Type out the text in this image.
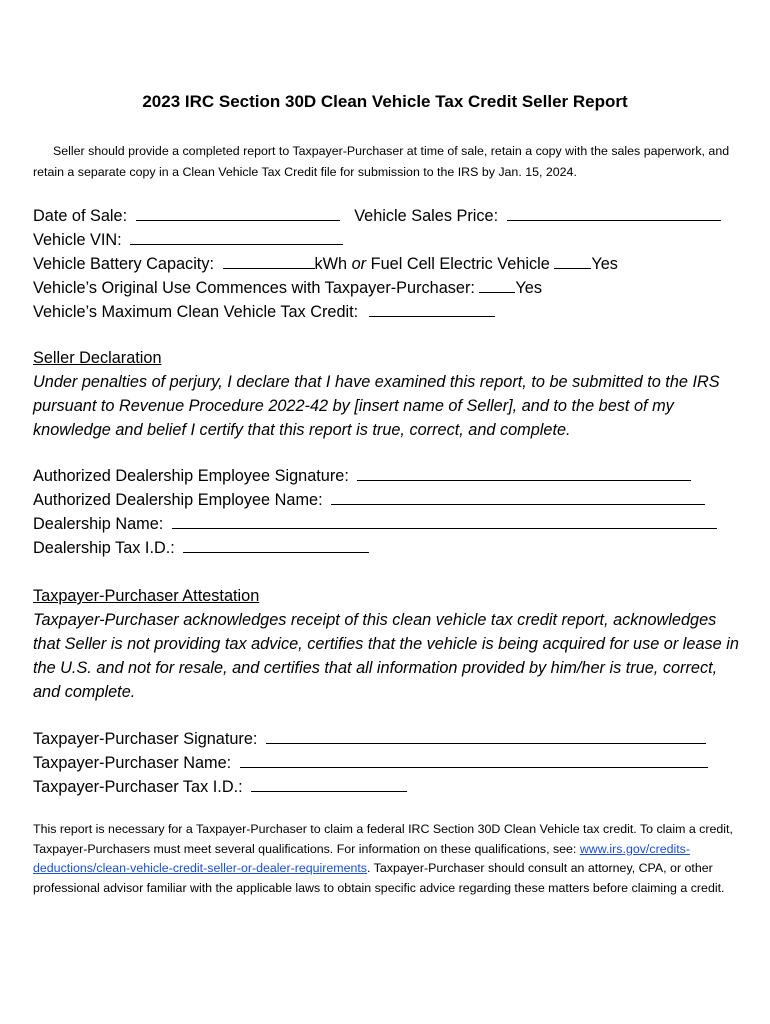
2023 IRC Section 30D Clean Vehicle Tax Credit Seller Report
Seller should provide a completed report to Taxpayer-Purchaser at time of sale, retain a copy with the sales paperwork, and retain a separate copy in a Clean Vehicle Tax Credit file for submission to the IRS by Jan. 15, 2024.
Date of Sale:	Vehicle Sales Price:
Vehicle VIN:
Vehicle Battery Capacity:	kWh or Fuel Cell Electric Vehicle	Yes
Vehicle’s Original Use Commences with Taxpayer-Purchaser: Yes
Vehicle’s Maximum Clean Vehicle Tax Credit:
Seller Declaration
Under penalties of perjury, I declare that I have examined this report, to be submitted to the IRS pursuant to Revenue Procedure 2022-42 by [insert name of Seller], and to the best of my knowledge and belief I certify that this report is true, correct, and complete.
Authorized Dealership Employee Signature:
Authorized Dealership Employee Name:
Dealership Name:
Dealership Tax I.D.:
Taxpayer-Purchaser Attestation
Taxpayer-Purchaser acknowledges receipt of this clean vehicle tax credit report, acknowledges that Seller is not providing tax advice, certifies that the vehicle is being acquired for use or lease in the U.S. and not for resale, and certifies that all information provided by him/her is true, correct, and complete.
Taxpayer-Purchaser Signature:
Taxpayer-Purchaser Name:
Taxpayer-Purchaser Tax I.D.:
This report is necessary for a Taxpayer-Purchaser to claim a federal IRC Section 30D Clean Vehicle tax credit. To claim a credit, Taxpayer-Purchasers must meet several qualifications. For information on these qualifications, see: www.irs.gov/credits-deductions/clean-vehicle-credit-seller-or-dealer-requirements. Taxpayer-Purchaser should consult an attorney, CPA, or other professional advisor familiar with the applicable laws to obtain specific advice regarding these matters before claiming a credit.
